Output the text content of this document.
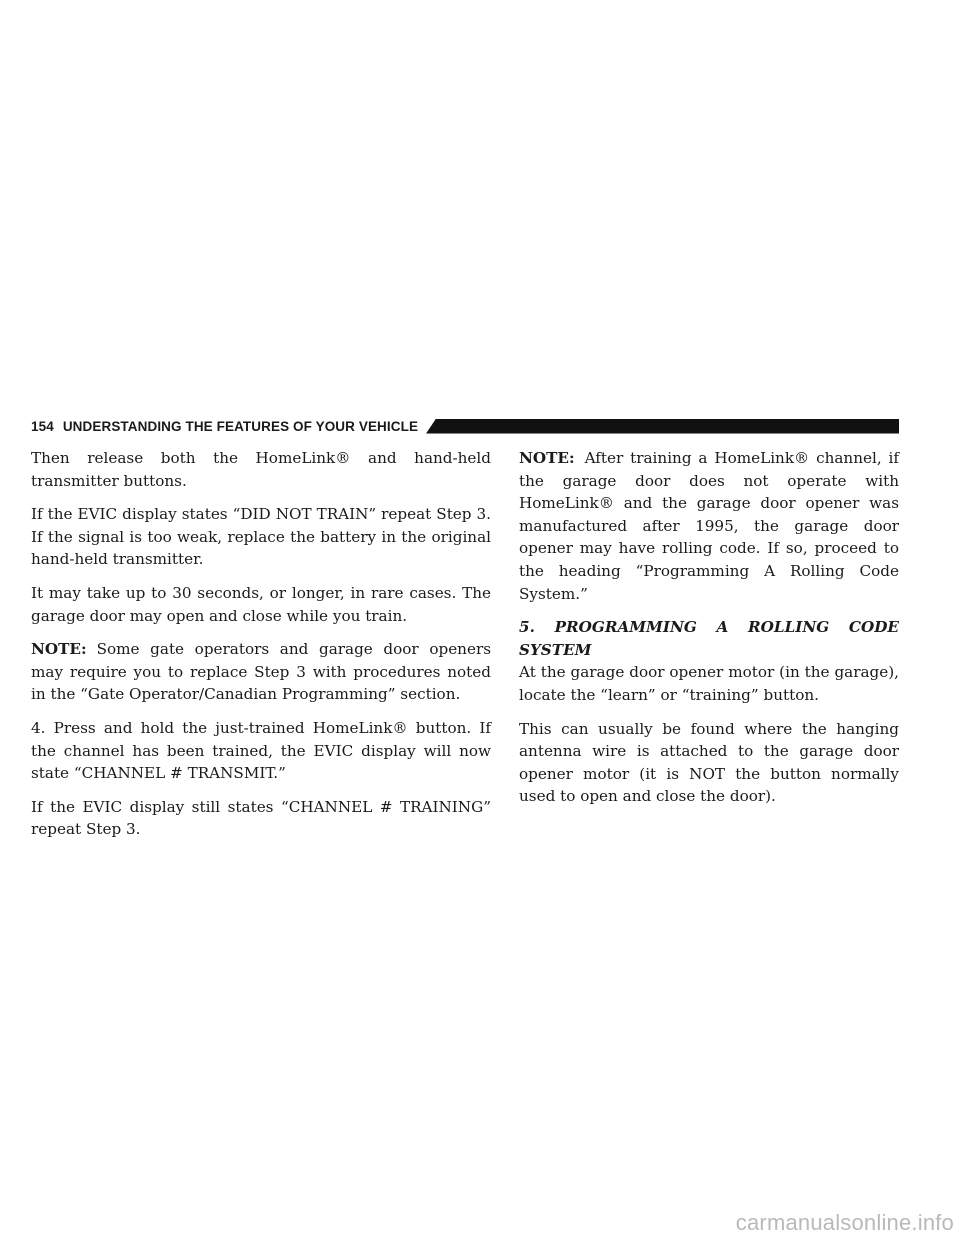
154 UNDERSTANDING THE FEATURES OF YOUR VEHICLE

Then release both the HomeLink® and hand-held transmitter buttons.

If the EVIC display states “DID NOT TRAIN” repeat Step 3. If the signal is too weak, replace the battery in the original hand-held transmitter.

It may take up to 30 seconds, or longer, in rare cases. The garage door may open and close while you train.

NOTE: Some gate operators and garage door openers may require you to replace Step 3 with procedures noted in the “Gate Operator/Canadian Programming” section.

4. Press and hold the just-trained HomeLink® button. If the channel has been trained, the EVIC display will now state “CHANNEL # TRANSMIT.”

If the EVIC display still states “CHANNEL # TRAINING” repeat Step 3.

NOTE: After training a HomeLink® channel, if the garage door does not operate with HomeLink® and the garage door opener was manufactured after 1995, the garage door opener may have rolling code. If so, proceed to the heading “Programming A Rolling Code System.”

5. PROGRAMMING A ROLLING CODE SYSTEM

At the garage door opener motor (in the garage), locate the “learn” or “training” button.

This can usually be found where the hanging antenna wire is attached to the garage door opener motor (it is NOT the button normally used to open and close the door).

carmanualsonline.info
